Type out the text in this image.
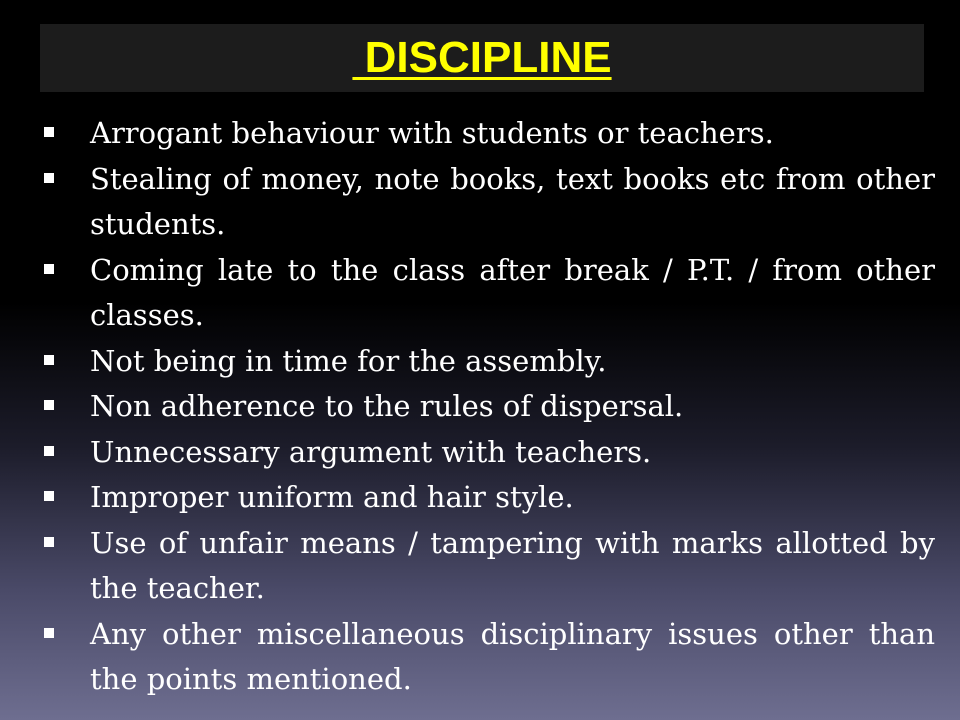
DISCIPLINE
Arrogant behaviour with students or teachers.
Stealing of money, note books, text books etc from other students.
Coming late to the class after break / P.T. / from other classes.
Not being in time for the assembly.
Non adherence to the rules of dispersal.
Unnecessary argument with teachers.
Improper uniform and hair style.
Use of unfair means / tampering with marks allotted by the teacher.
Any other miscellaneous disciplinary issues other than the points mentioned.
